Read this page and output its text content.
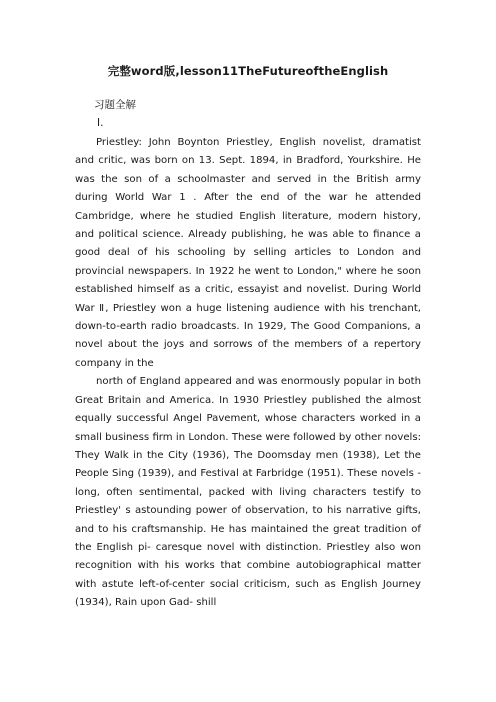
完整word版,lesson11TheFutureoftheEnglish
习题全解
Ⅰ.

Priestley: John Boynton Priestley, English novelist, dramatist and critic, was born on 13. Sept. 1894, in Bradford, Yourkshire. He was the son of a schoolmaster and served in the British army during World War 1 . After the end of the war he attended Cambridge, where he studied English literature, modern history, and political science. Already publishing, he was able to finance a good deal of his schooling by selling articles to London and provincial newspapers. In 1922 he went to London," where he soon established himself as a critic, essayist and novelist. During World War Ⅱ, Priestley won a huge listening audience with his trenchant, down-to-earth radio broadcasts. In 1929, The Good Companions, a novel about the joys and sorrows of the members of a repertory company in the

north of England appeared and was enormously popular in both Great Britain and America. In 1930 Priestley published the almost equally successful Angel Pavement, whose characters worked in a small business firm in London. These were followed by other novels: They Walk in the City (1936), The Doomsday men (1938), Let the People Sing (1939), and Festival at Farbridge (1951). These novels -long, often sentimental, packed with living characters testify to Priestley' s astounding power of observation, to his narrative gifts, and to his craftsmanship. He has maintained the great tradition of the English pi- caresque novel with distinction. Priestley also won recognition with his works that combine autobiographical matter with astute left-of-center social criticism, such as English Journey (1934), Rain upon Gad- shill
